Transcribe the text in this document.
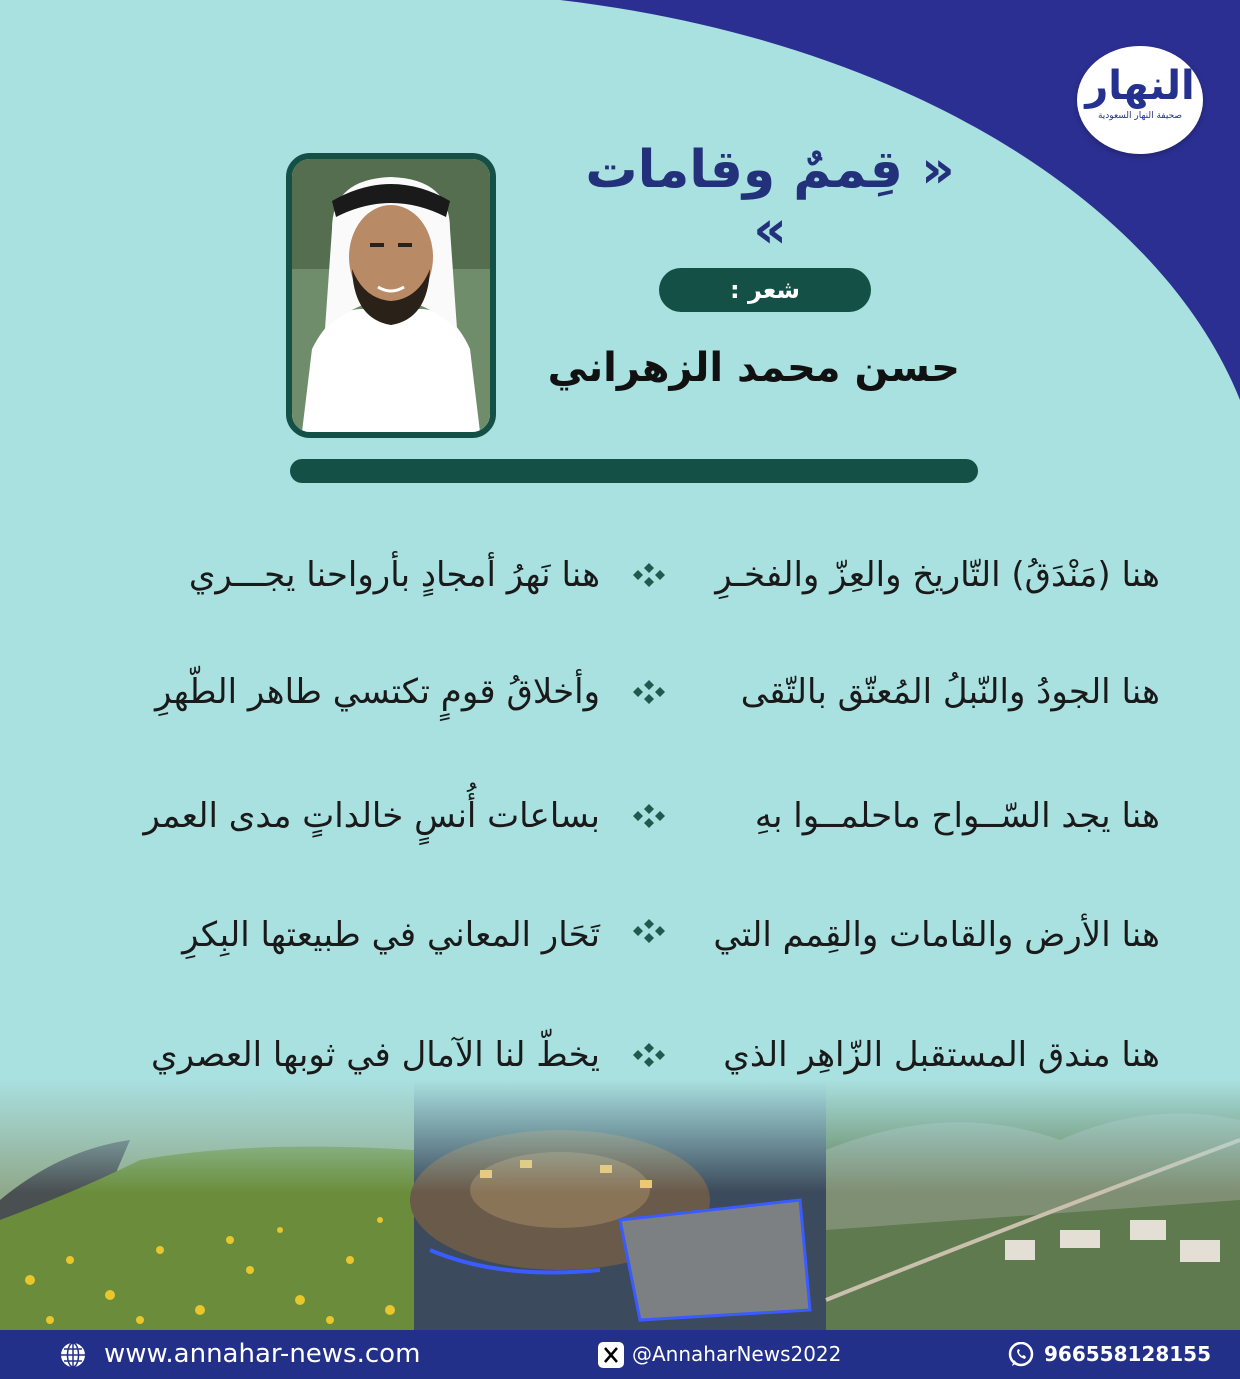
النهار
صحيفة النهار السعودية
« قِممٌ وقامات »
شعر :
حسن محمد الزهراني
هنا (مَنْدَقُ) التّاريخ والعِزّ والفخـرِ
هنا نَهرُ أمجادٍ بأرواحنا يجـــري
هنا الجودُ والنّبلُ المُعتّق بالتّقى
وأخلاقُ قومٍ تكتسي طاهر الطّهرِ
هنا يجد السّــواح ماحلمــوا بهِ
بساعات أُنسٍ خالداتٍ مدى العمر
هنا الأرض والقامات والقِمم التي
تَحَار المعاني في طبيعتها البِكرِ
هنا مندق المستقبل الزّاهِر الذي
يخطّ لنا الآمال في ثوبها العصري
www.annahar-news.com	@AnnaharNews2022	966558128155
